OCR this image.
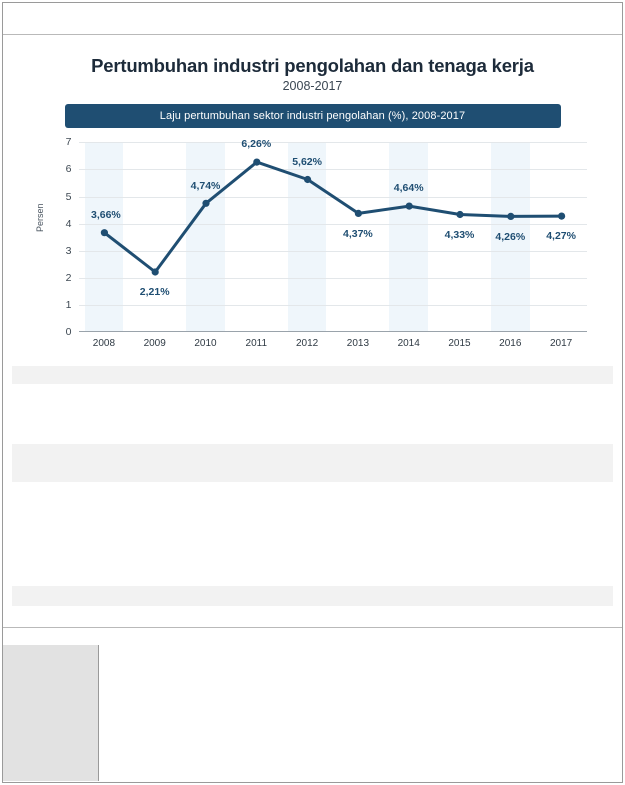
Pertumbuhan industri pengolahan dan tenaga kerja
2008-2017
Laju pertumbuhan sektor industri pengolahan (%), 2008-2017
Persen
0
1
2
3
4
5
6
7
2008
3,66%
2009
2,21%
2010
4,74%
2011
6,26%
2012
5,62%
2013
4,37%
2014
4,64%
2015
4,33%
2016
4,26%
2017
4,27%
